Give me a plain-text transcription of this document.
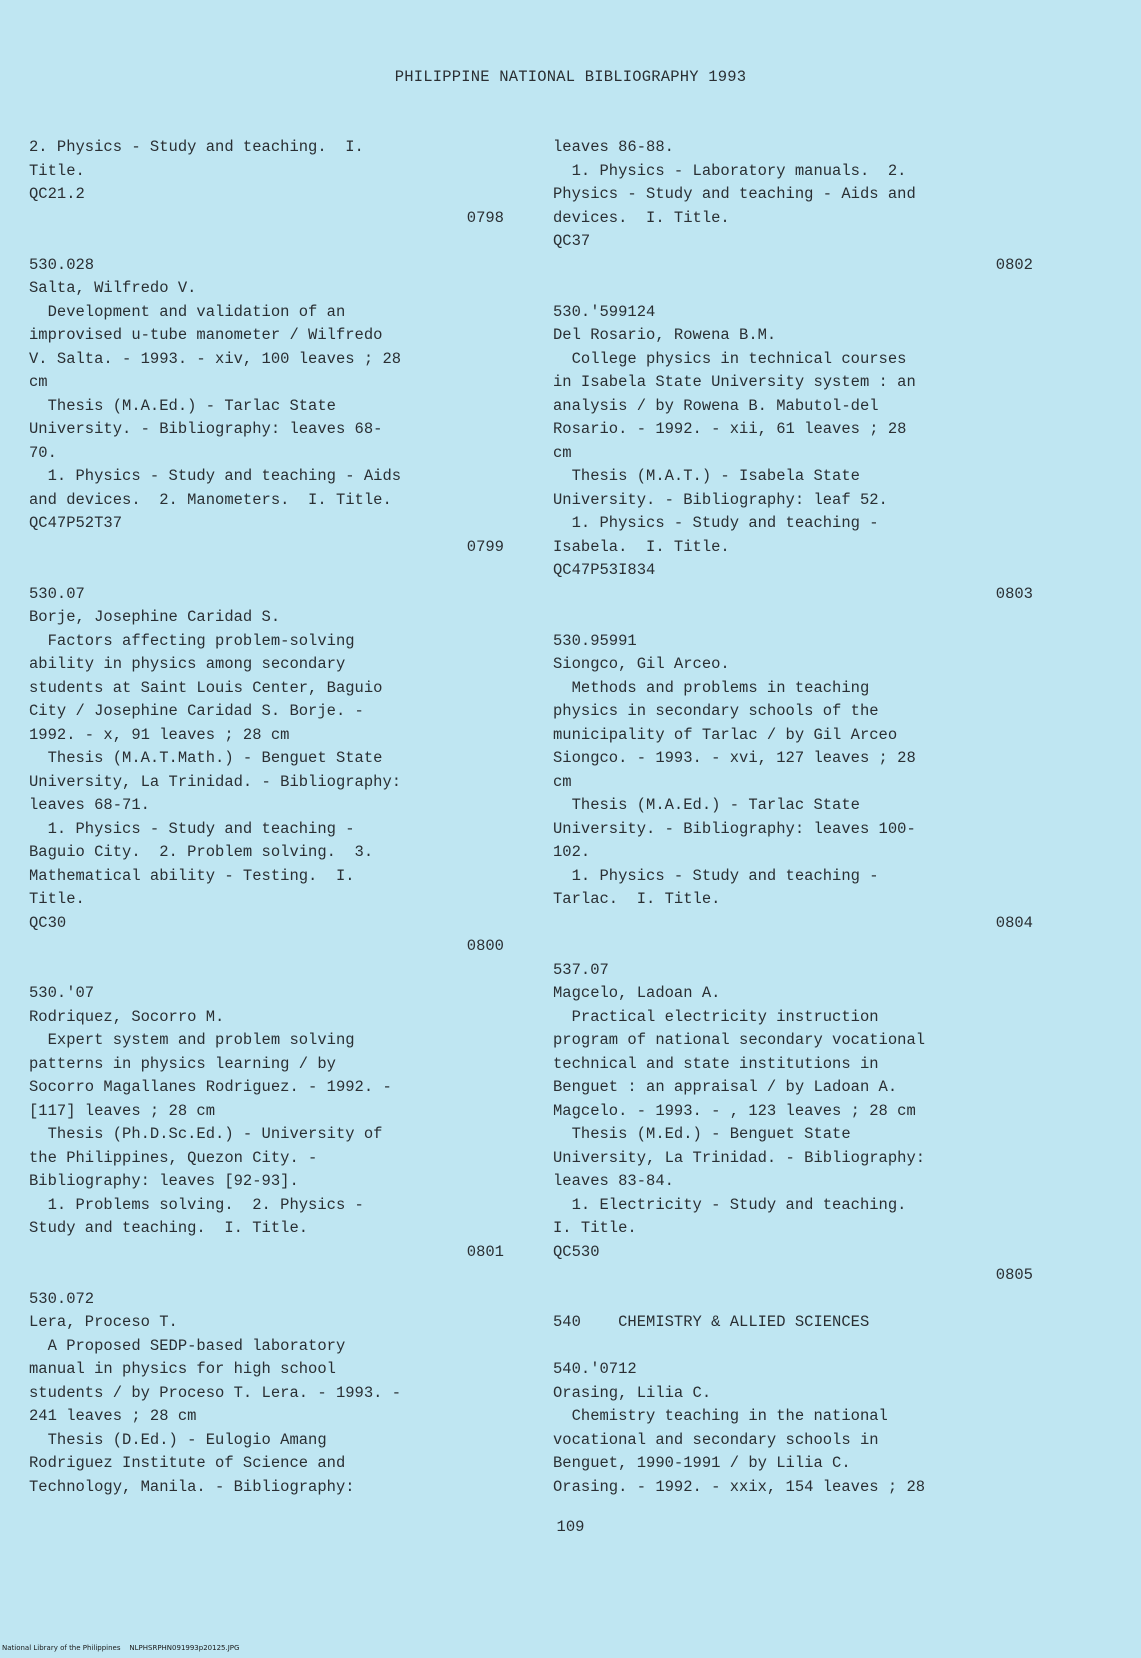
PHILIPPINE NATIONAL BIBLIOGRAPHY 1993
2. Physics - Study and teaching.  I.
Title.
QC21.2
0798
530.028
Salta, Wilfredo V.
Development and validation of an
improvised u-tube manometer / Wilfredo
V. Salta. - 1993. - xiv, 100 leaves ; 28
cm
Thesis (M.A.Ed.) - Tarlac State
University. - Bibliography: leaves 68-
70.
1. Physics - Study and teaching - Aids
and devices.  2. Manometers.  I. Title.
QC47P52T37
0799
530.07
Borje, Josephine Caridad S.
Factors affecting problem-solving
ability in physics among secondary
students at Saint Louis Center, Baguio
City / Josephine Caridad S. Borje. -
1992. - x, 91 leaves ; 28 cm
Thesis (M.A.T.Math.) - Benguet State
University, La Trinidad. - Bibliography:
leaves 68-71.
1. Physics - Study and teaching -
Baguio City.  2. Problem solving.  3.
Mathematical ability - Testing.  I.
Title.
QC30
0800
530.'07
Rodriquez, Socorro M.
Expert system and problem solving
patterns in physics learning / by
Socorro Magallanes Rodriguez. - 1992. -
[117] leaves ; 28 cm
Thesis (Ph.D.Sc.Ed.) - University of
the Philippines, Quezon City. -
Bibliography: leaves [92-93].
1. Problems solving.  2. Physics -
Study and teaching.  I. Title.
0801
530.072
Lera, Proceso T.
A Proposed SEDP-based laboratory
manual in physics for high school
students / by Proceso T. Lera. - 1993. -
241 leaves ; 28 cm
Thesis (D.Ed.) - Eulogio Amang
Rodriguez Institute of Science and
Technology, Manila. - Bibliography:
leaves 86-88.
1. Physics - Laboratory manuals.  2.
Physics - Study and teaching - Aids and
devices.  I. Title.
QC37
0802
530.'599124
Del Rosario, Rowena B.M.
College physics in technical courses
in Isabela State University system : an
analysis / by Rowena B. Mabutol-del
Rosario. - 1992. - xii, 61 leaves ; 28
cm
Thesis (M.A.T.) - Isabela State
University. - Bibliography: leaf 52.
1. Physics - Study and teaching -
Isabela.  I. Title.
QC47P53I834
0803
530.95991
Siongco, Gil Arceo.
Methods and problems in teaching
physics in secondary schools of the
municipality of Tarlac / by Gil Arceo
Siongco. - 1993. - xvi, 127 leaves ; 28
cm
Thesis (M.A.Ed.) - Tarlac State
University. - Bibliography: leaves 100-
102.
1. Physics - Study and teaching -
Tarlac.  I. Title.
0804
537.07
Magcelo, Ladoan A.
Practical electricity instruction
program of national secondary vocational
technical and state institutions in
Benguet : an appraisal / by Ladoan A.
Magcelo. - 1993. - , 123 leaves ; 28 cm
Thesis (M.Ed.) - Benguet State
University, La Trinidad. - Bibliography:
leaves 83-84.
1. Electricity - Study and teaching.
I. Title.
QC530
0805
540    CHEMISTRY & ALLIED SCIENCES
540.'0712
Orasing, Lilia C.
Chemistry teaching in the national
vocational and secondary schools in
Benguet, 1990-1991 / by Lilia C.
Orasing. - 1992. - xxix, 154 leaves ; 28
109
National Library of the Philippines    NLPHSRPHN091993p20125.JPG
